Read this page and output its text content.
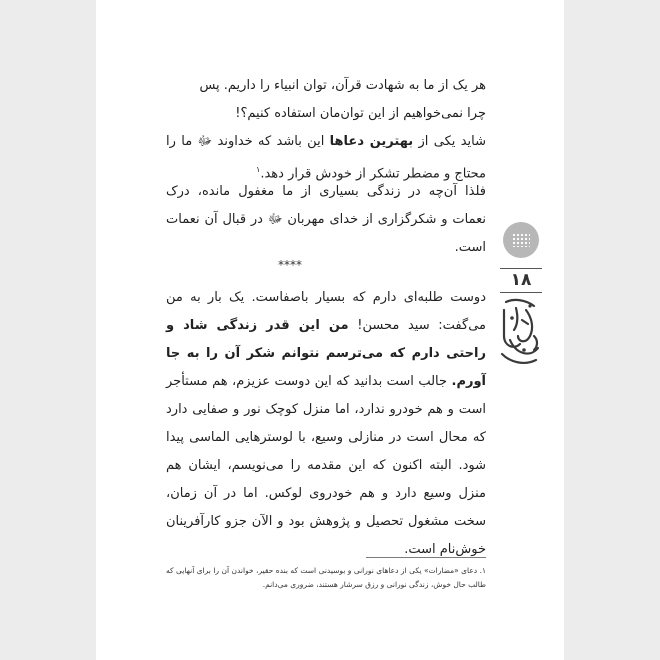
هر یک از ما به شهادت قرآن، توان انبیاء را داریم. پس
چرا نمی‌خواهیم از این توان‌مان استفاده کنیم؟!

شاید یکی از بهترین دعاها این باشد که خداوند ﷻ ما را محتاج و مضطر تشکر از خودش قرار دهد.$^۱$

فلذا آن‌چه در زندگی بسیاری از ما مغفول مانده، درک نعمات و شکرگزاری از خدای مهربان ﷻ در قبال آن نعمات است.

****

دوست طلبه‌ای دارم که بسیار باصفاست. یک بار به من می‌گفت: سید محسن! من این قدر زندگی شاد و راحتی دارم که می‌ترسم نتوانم شکر آن را به جا آورم. جالب است بدانید که این دوست عزیزم، هم مستأجر است و هم خودرو ندارد، اما منزل کوچک نور و صفایی دارد که محال است در منازلی وسیع، با لوسترهایی الماسی پیدا شود. البته اکنون که این مقدمه را می‌نویسم، ایشان هم منزل وسیع دارد و هم خودروی لوکس. اما در آن زمان، سخت مشغول تحصیل و پژوهش بود و الآن جزو کارآفرینان خوش‌نام است.

۱. دعای «مضارات» یکی از دعاهای نورانی و بوسیدنی است که بنده حقیر، خواندن آن را برای آنهایی که طالب حال خوش، زندگی نورانی و رزق سرشار هستند، ضروری می‌دانم.
۱۸
